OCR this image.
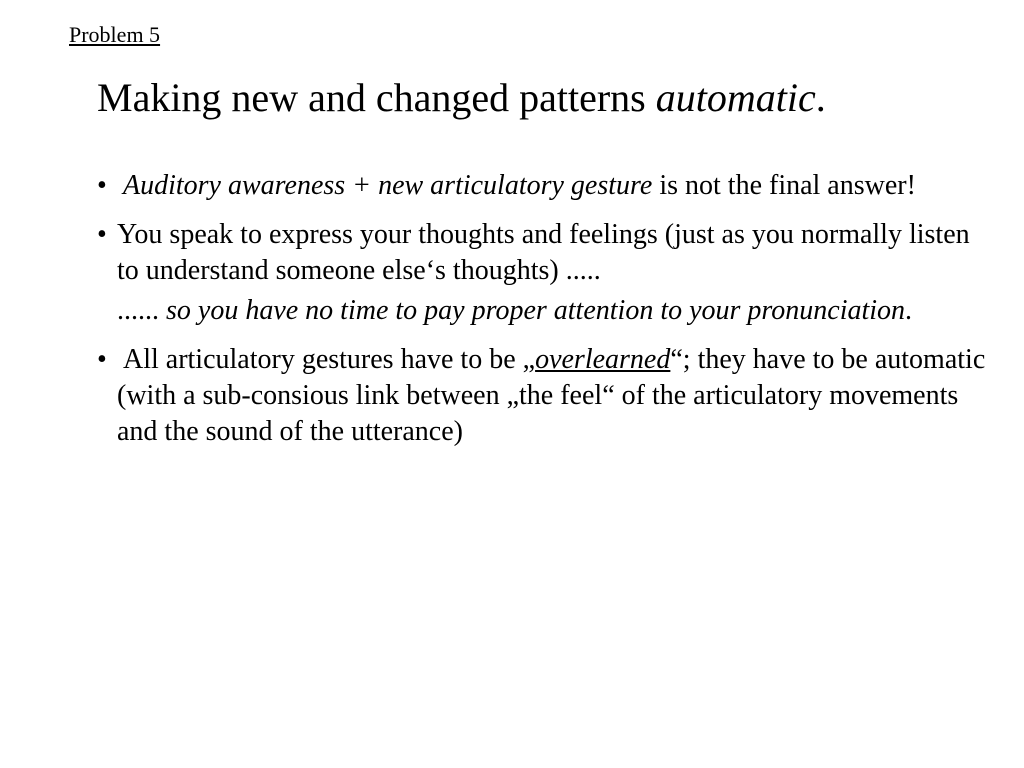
Problem 5
Making new and changed patterns automatic.
• Auditory awareness + new articulatory gesture is not the final answer!
• You speak to express your thoughts and feelings (just as you normally listen to understand someone else‘s thoughts) .....
...... so you have no time to pay proper attention to your pronunciation.
• All articulatory gestures have to be „overlearned“; they have to be automatic (with a sub-consious link between „the feel“ of the articulatory movements and the sound of the utterance)
